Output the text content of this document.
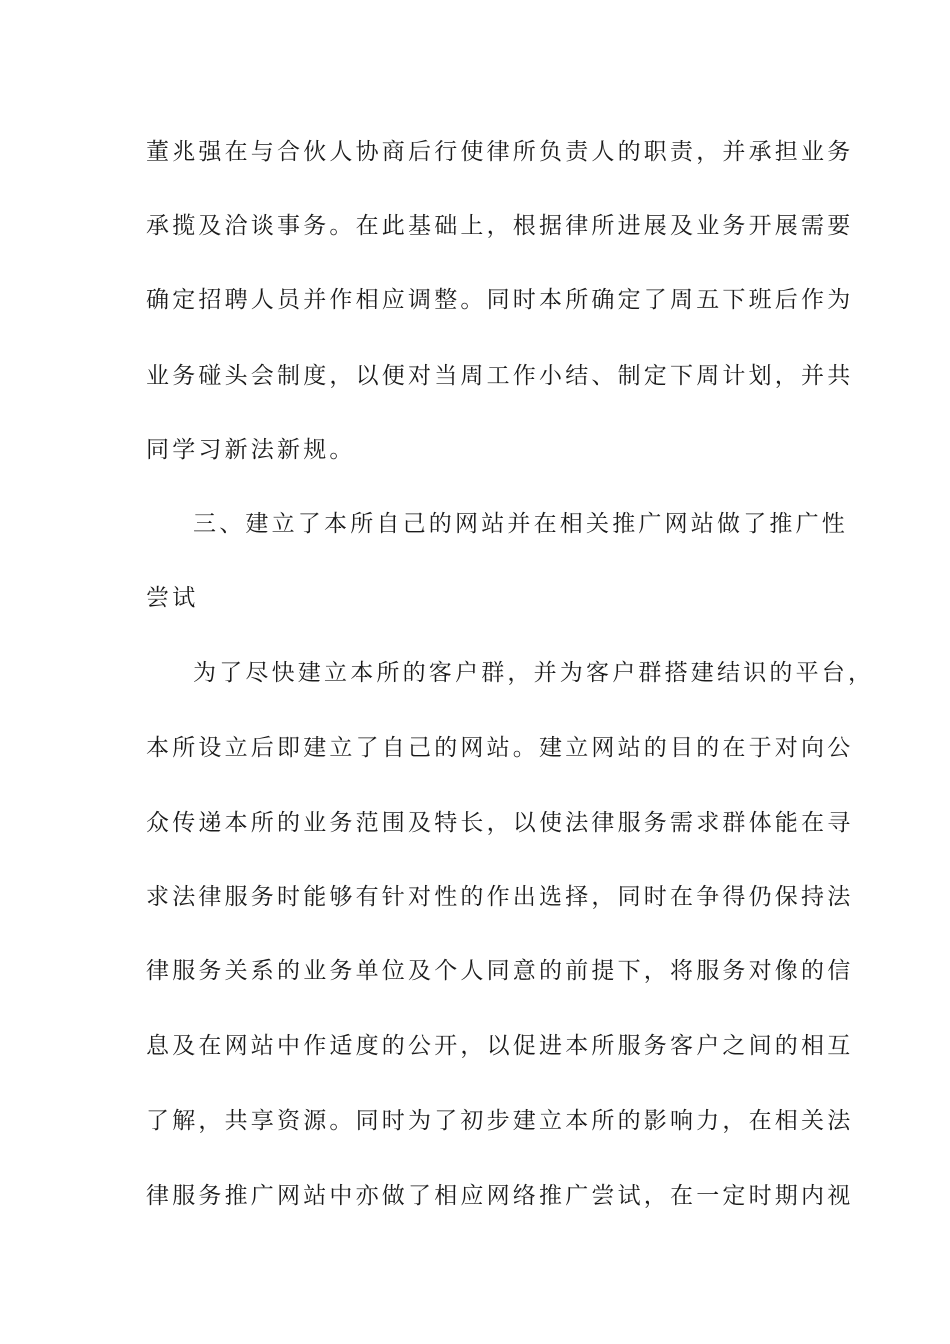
董兆强在与合伙人协商后行使律所负责人的职责，并承担业务
承揽及洽谈事务。在此基础上，根据律所进展及业务开展需要
确定招聘人员并作相应调整。同时本所确定了周五下班后作为
业务碰头会制度，以便对当周工作小结、制定下周计划，并共
同学习新法新规。
三、建立了本所自己的网站并在相关推广网站做了推广性
尝试
为了尽快建立本所的客户群，并为客户群搭建结识的平台，
本所设立后即建立了自己的网站。建立网站的目的在于对向公
众传递本所的业务范围及特长，以使法律服务需求群体能在寻
求法律服务时能够有针对性的作出选择，同时在争得仍保持法
律服务关系的业务单位及个人同意的前提下，将服务对像的信
息及在网站中作适度的公开，以促进本所服务客户之间的相互
了解，共享资源。同时为了初步建立本所的影响力，在相关法
律服务推广网站中亦做了相应网络推广尝试，在一定时期内视
